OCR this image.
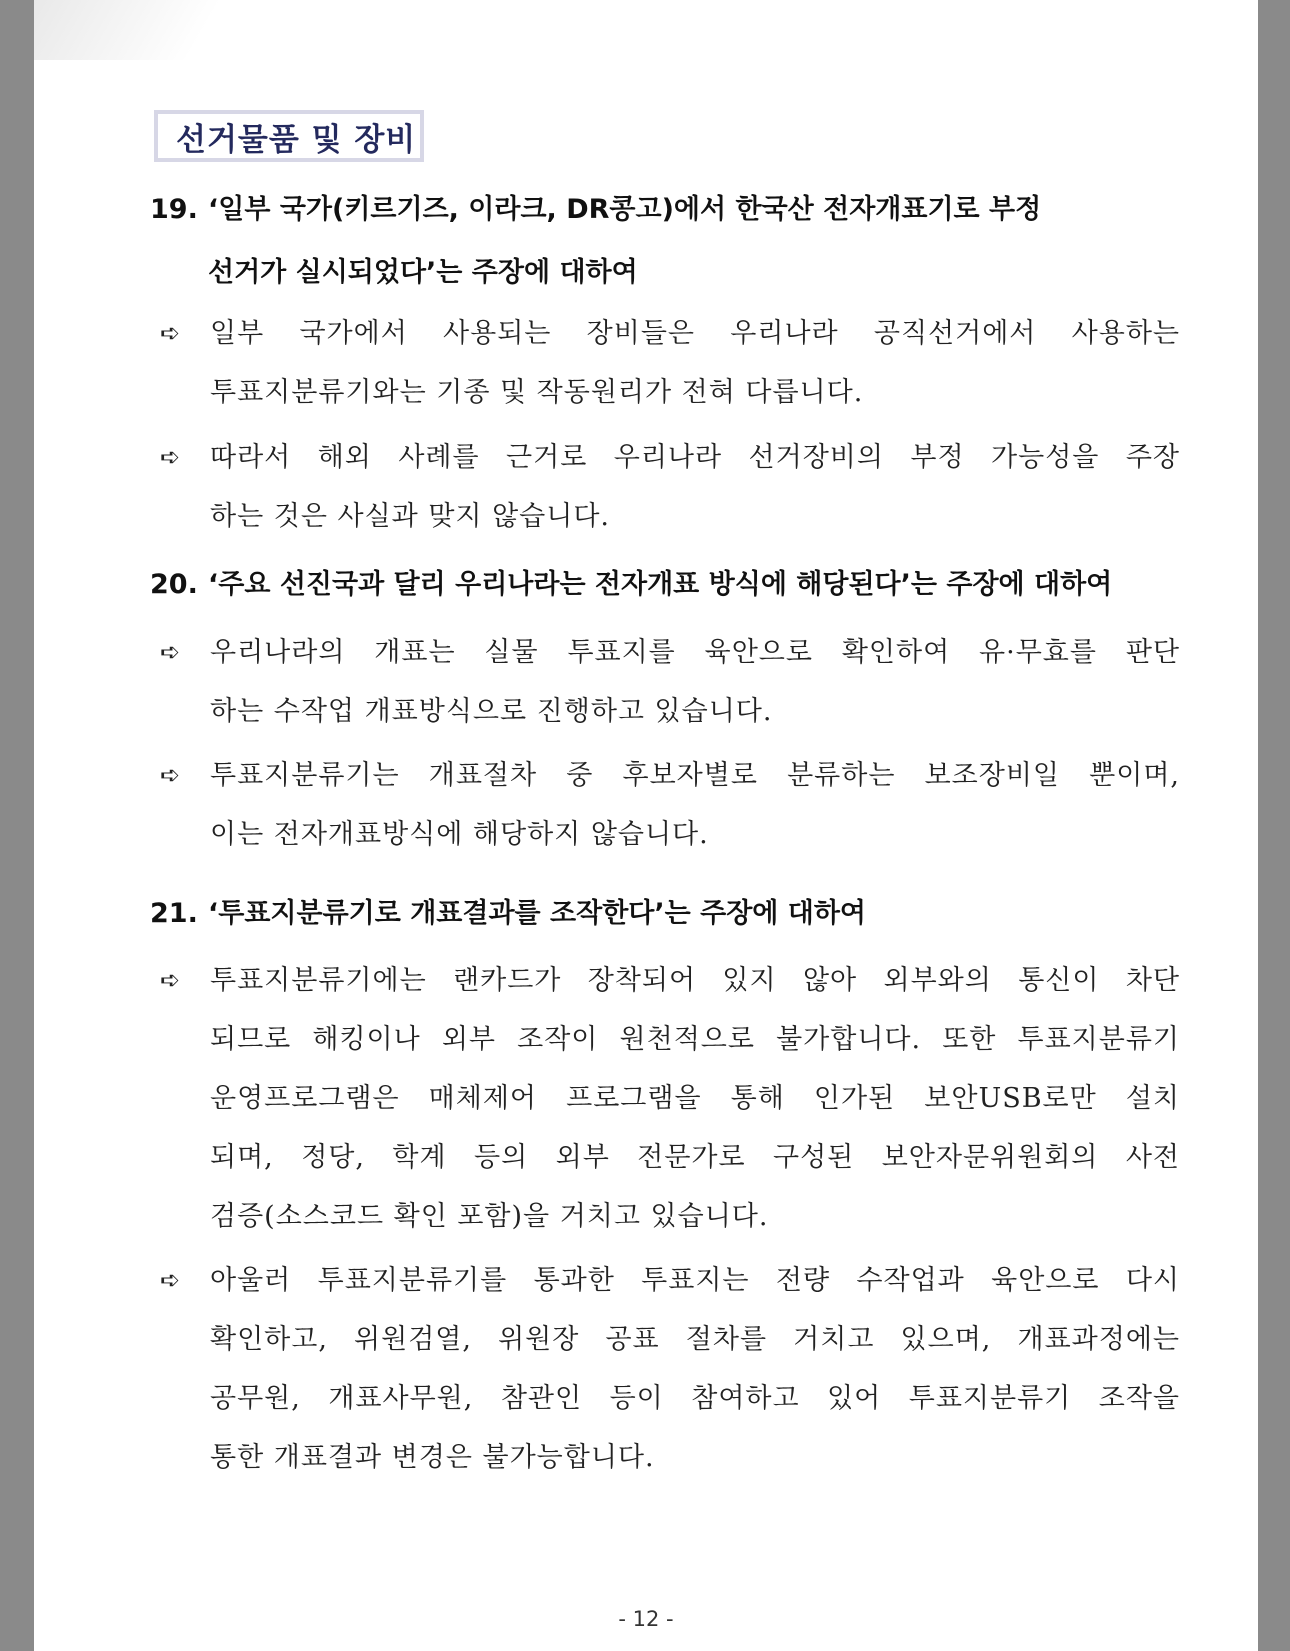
선거물품 및 장비
19. ‘일부 국가(키르기즈, 이라크, DR콩고)에서 한국산 전자개표기로 부정
선거가 실시되었다’는 주장에 대하여
➪	일부 국가에서 사용되는 장비들은 우리나라 공직선거에서 사용하는
투표지분류기와는 기종 및 작동원리가 전혀 다릅니다.
➪	따라서 해외 사례를 근거로 우리나라 선거장비의 부정 가능성을 주장
하는 것은 사실과 맞지 않습니다.
20. ‘주요 선진국과 달리 우리나라는 전자개표 방식에 해당된다’는 주장에 대하여
➪	우리나라의 개표는 실물 투표지를 육안으로 확인하여 유·무효를 판단
하는 수작업 개표방식으로 진행하고 있습니다.
➪	투표지분류기는 개표절차 중 후보자별로 분류하는 보조장비일 뿐이며,
이는 전자개표방식에 해당하지 않습니다.
21. ‘투표지분류기로 개표결과를 조작한다’는 주장에 대하여
➪	투표지분류기에는 랜카드가 장착되어 있지 않아 외부와의 통신이 차단
되므로 해킹이나 외부 조작이 원천적으로 불가합니다. 또한 투표지분류기
운영프로그램은 매체제어 프로그램을 통해 인가된 보안USB로만 설치
되며, 정당, 학계 등의 외부 전문가로 구성된 보안자문위원회의 사전
검증(소스코드 확인 포함)을 거치고 있습니다.
➪	아울러 투표지분류기를 통과한 투표지는 전량 수작업과 육안으로 다시
확인하고, 위원검열, 위원장 공표 절차를 거치고 있으며, 개표과정에는
공무원, 개표사무원, 참관인 등이 참여하고 있어 투표지분류기 조작을
통한 개표결과 변경은 불가능합니다.
- 12 -
